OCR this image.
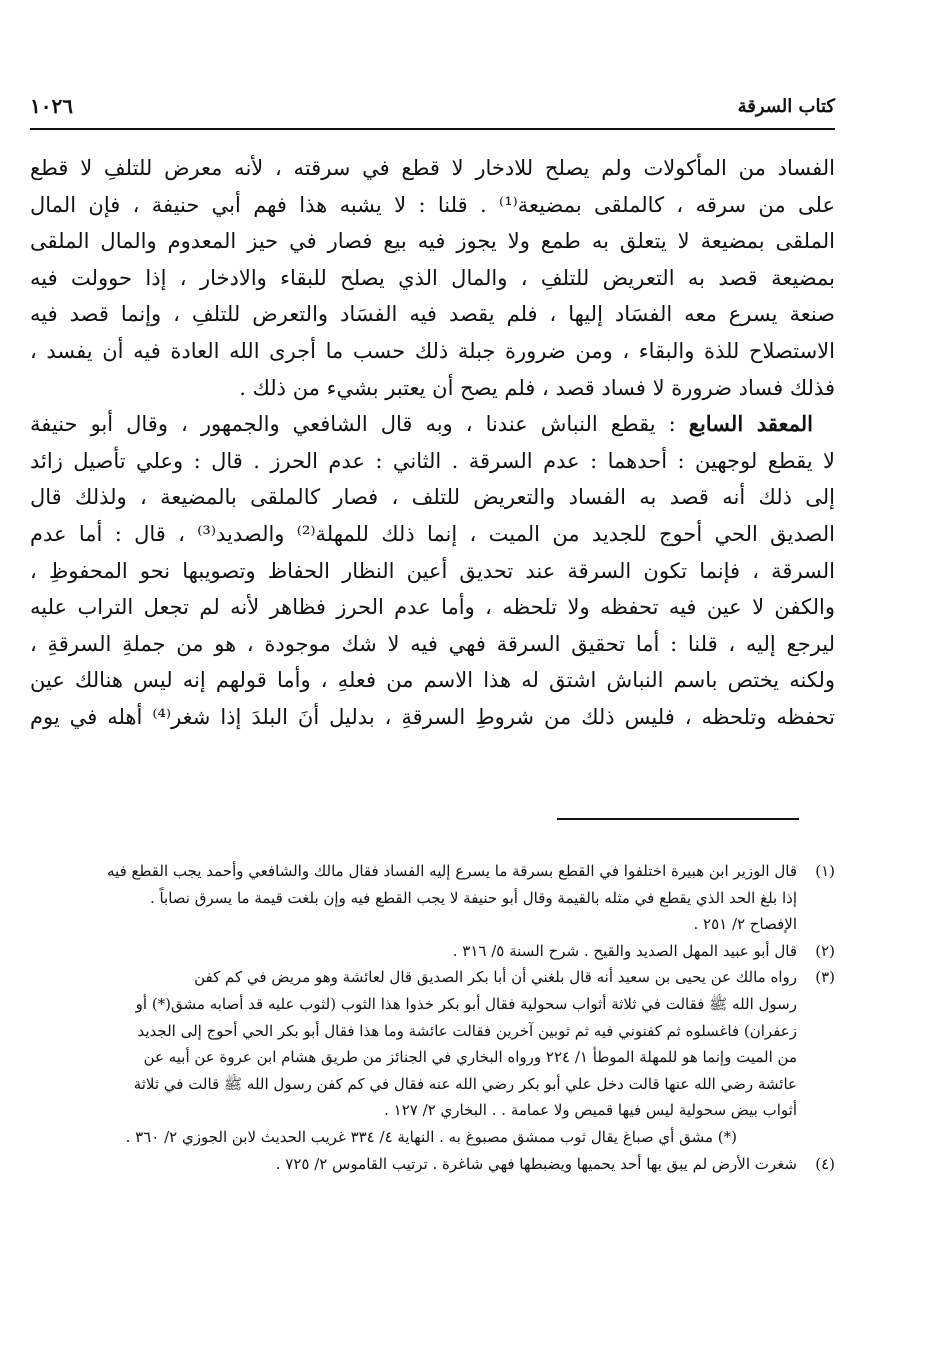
كتاب السرقة
١٠٢٦

الفساد من المأكولات ولم يصلح للادخار لا قطع في سرقته ، لأنه معرض للتلفِ لا قطع
على من سرقه ، كالملقى بمضيعة⁽¹⁾ . قلنا : لا يشبه هذا فهم أبي حنيفة ، فإن المال
الملقى بمضيعة لا يتعلق به طمع ولا يجوز فيه بيع فصار في حيز المعدوم والمال الملقى
بمضيعة قصد به التعريض للتلفِ ، والمال الذي يصلح للبقاء والادخار ، إذا حوولت فيه
صنعة يسرع معه الفسَاد إليها ، فلم يقصد فيه الفسَاد والتعرض للتلفِ ، وإنما قصد فيه
الاستصلاح للذة والبقاء ، ومن ضرورة جبلة ذلك حسب ما أجرى الله العادة فيه أن يفسد ،
فذلك فساد ضرورة لا فساد قصد ، فلم يصح أن يعتبر بشيء من ذلك .

المعقد السابع : يقطع النباش عندنا ، وبه قال الشافعي والجمهور ، وقال أبو حنيفة
لا يقطع لوجهين : أحدهما : عدم السرقة . الثاني : عدم الحرز . قال : وعلي تأصيل زائد
إلى ذلك أنه قصد به الفساد والتعريض للتلف ، فصار كالملقى بالمضيعة ، ولذلك قال
الصديق الحي أحوج للجديد من الميت ، إنما ذلك للمهلة⁽²⁾ والصديد⁽³⁾ ، قال : أما عدم
السرقة ، فإنما تكون السرقة عند تحديق أعين النظار الحفاظ وتصويبها نحو المحفوظِ ،
والكفن لا عين فيه تحفظه ولا تلحظه ، وأما عدم الحرز فظاهر لأنه لم تجعل التراب عليه
ليرجع إليه ، قلنا : أما تحقيق السرقة فهي فيه لا شك موجودة ، هو من جملةِ السرقةِ ،
ولكنه يختص باسم النباش اشتق له هذا الاسم من فعلهِ ، وأما قولهم إنه ليس هنالك عين
تحفظه وتلحظه ، فليس ذلك من شروطِ السرقةِ ، بدليل أنَ البلدَ إذا شغر⁽⁴⁾ أهله في يوم

(١)
قال الوزير ابن هبيرة اختلفوا في القطع بسرقة ما يسرع إليه الفساد فقال مالك والشافعي وأحمد يجب القطع فيه
إذا بلغ الحد الذي يقطع في مثله بالقيمة وقال أبو حنيفة لا يجب القطع فيه وإن بلغت قيمة ما يسرق نصاباً .
الإفصاح ٢/ ٢٥١ .
(٢)
قال أبو عبيد المهل الصديد والقيح . شرح السنة ٥/ ٣١٦ .
(٣)
رواه مالك عن يحيى بن سعيد أنه قال بلغني أن أبا بكر الصديق قال لعائشة وهو مريض في كم كفن
رسول الله ﷺ فقالت في ثلاثة أثواب سحولية فقال أبو بكر خذوا هذا الثوب (لثوب عليه قد أصابه مشق(*) أو
زعفران) فاغسلوه ثم كفنوني فيه ثم ثوبين آخرين فقالت عائشة وما هذا فقال أبو بكر الحي أحوج إلى الجديد
من الميت وإنما هو للمهلة الموطأ ١/ ٢٢٤ ورواه البخاري في الجنائز من طريق هشام ابن عروة عن أبيه عن
عائشة رضي الله عنها قالت دخل علي أبو بكر رضي الله عنه فقال في كم كفن رسول الله ﷺ قالت في ثلاثة
أثواب بيض سحولية ليس فيها قميص ولا عمامة . . البخاري ٢/ ١٢٧ .
(*) مشق أي صباغ يقال ثوب ممشق مصبوغ به . النهاية ٤/ ٣٣٤ غريب الحديث لابن الجوزي ٢/ ٣٦٠ .
(٤)
شغرت الأرض لم يبق بها أحد يحميها ويضبطها فهي شاغرة . ترتيب القاموس ٢/ ٧٢٥ .
